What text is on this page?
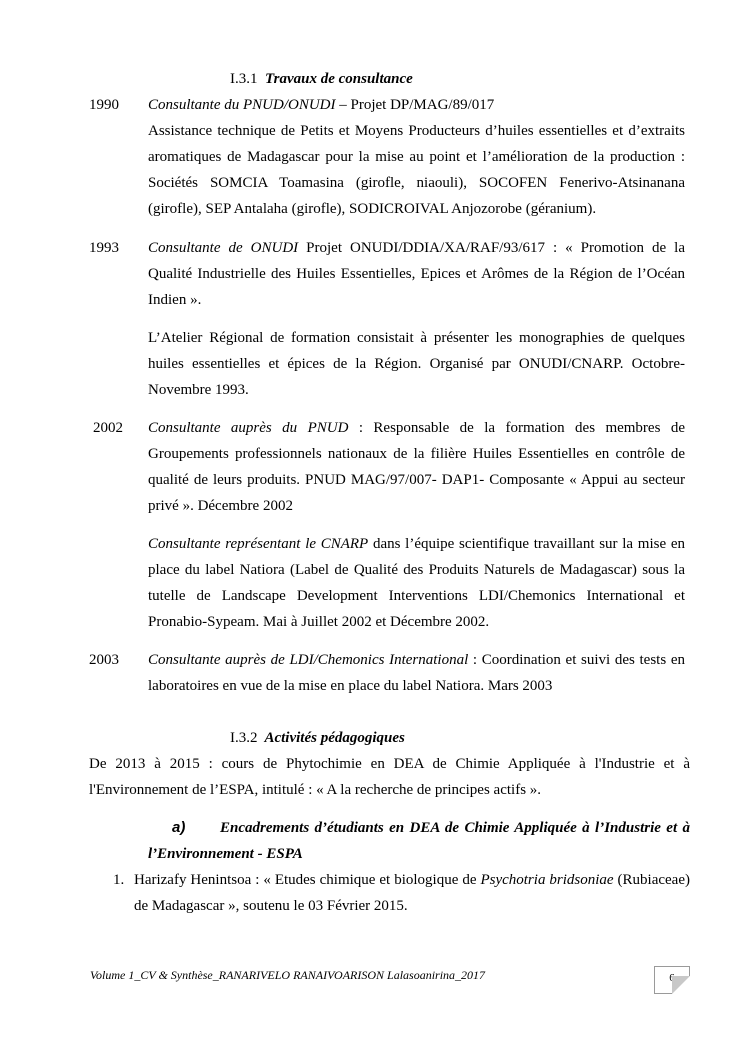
I.3.1 Travaux de consultance
1990 Consultante du PNUD/ONUDI – Projet DP/MAG/89/017
Assistance technique de Petits et Moyens Producteurs d’huiles essentielles et d’extraits
aromatiques de Madagascar pour la mise au point et l’amélioration de la production :
Sociétés SOMCIA Toamasina (girofle, niaouli), SOCOFEN Fenerivo-Atsinanana
(girofle), SEP Antalaha (girofle), SODICROIVAL Anjozorobe (géranium).
1993 Consultante de ONUDI Projet ONUDI/DDIA/XA/RAF/93/617 : « Promotion de la
Qualité Industrielle des Huiles Essentielles, Epices et Arômes de la Région de l’Océan
Indien ».
L’Atelier Régional de formation consistait à présenter les monographies de quelques
huiles essentielles et épices de la Région. Organisé par ONUDI/CNARP. Octobre-
Novembre 1993.
2002 Consultante auprès du PNUD : Responsable de la formation des membres de
Groupements professionnels nationaux de la filière Huiles Essentielles en contrôle de
qualité de leurs produits. PNUD MAG/97/007- DAP1- Composante « Appui au secteur
privé ». Décembre 2002
Consultante représentant le CNARP dans l’équipe scientifique travaillant sur la mise en
place du label Natiora (Label de Qualité des Produits Naturels de Madagascar) sous la
tutelle de Landscape Development Interventions LDI/Chemonics International et
Pronabio-Sypeam. Mai à Juillet 2002 et Décembre 2002.
2003 Consultante auprès de LDI/Chemonics International : Coordination et suivi des tests en
laboratoires en vue de la mise en place du label Natiora. Mars 2003
I.3.2 Activités pédagogiques
De 2013 à 2015 : cours de Phytochimie en DEA de Chimie Appliquée à l'Industrie et à
l'Environnement de l’ESPA, intitulé : « A la recherche de principes actifs ».
a) Encadrements d’étudiants en DEA de Chimie Appliquée à l’Industrie et à
l’Environnement - ESPA
1. Harizafy Henintsoa : « Etudes chimique et biologique de Psychotria bridsoniae (Rubiaceae)
de Madagascar », soutenu le 03 Février 2015.
Volume 1_CV & Synthèse_RANARIVELO RANAIVOARISON Lalasoanirina_2017	6
